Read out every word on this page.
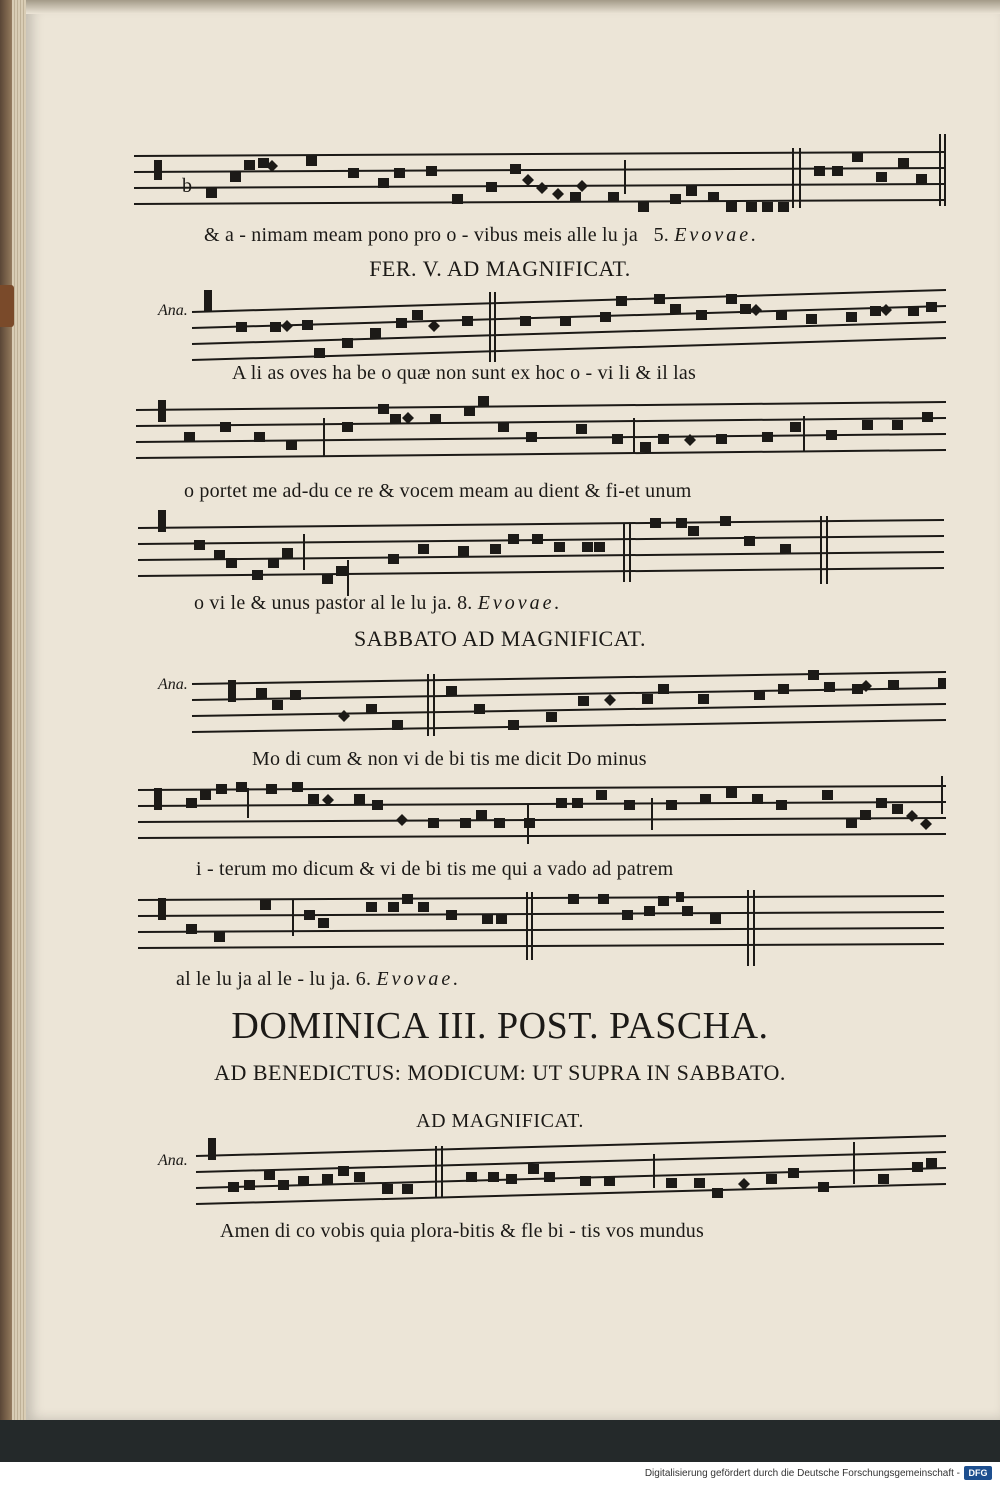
b
& a - nimam meam pono pro o - vibus meis alle lu ja 5. Evovae.
FER. V. AD MAGNIFICAT.
Ana.
A li as oves ha be o quæ non sunt ex hoc o - vi li & il las
o portet me ad-du ce re & vocem meam au dient & fi-et unum
o vi le & unus pastor al le lu ja. 8. Evovae.
SABBATO AD MAGNIFICAT.
Ana.
Mo di cum & non vi de bi tis me dicit Do minus
i - terum mo dicum & vi de bi tis me qui a vado ad patrem
al le lu ja al le - lu ja. 6. Evovae.
DOMINICA III. POST. PASCHA.
AD BENEDICTUS: MODICUM: UT SUPRA IN SABBATO.
AD MAGNIFICAT.
Ana.
Amen di co vobis quia plora-bitis & fle bi - tis vos mundus
Digitalisierung gefördert durch die Deutsche Forschungsgemeinschaft - DFG
